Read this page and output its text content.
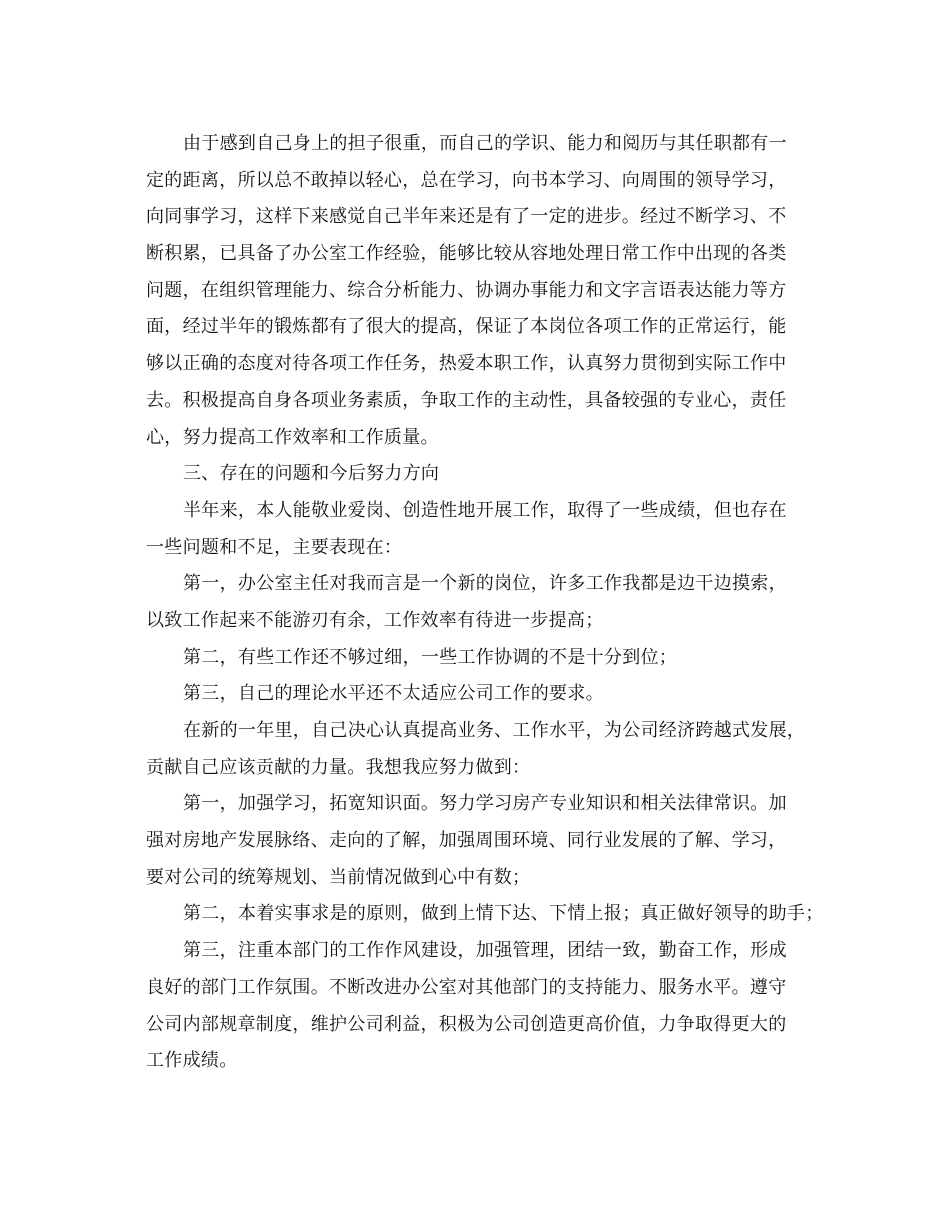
由于感到自己身上的担子很重，而自己的学识、能力和阅历与其任职都有一
定的距离，所以总不敢掉以轻心，总在学习，向书本学习、向周围的领导学习，
向同事学习，这样下来感觉自己半年来还是有了一定的进步。经过不断学习、不
断积累，已具备了办公室工作经验，能够比较从容地处理日常工作中出现的各类
问题，在组织管理能力、综合分析能力、协调办事能力和文字言语表达能力等方
面，经过半年的锻炼都有了很大的提高，保证了本岗位各项工作的正常运行，能
够以正确的态度对待各项工作任务，热爱本职工作，认真努力贯彻到实际工作中
去。积极提高自身各项业务素质，争取工作的主动性，具备较强的专业心，责任
心，努力提高工作效率和工作质量。
三、存在的问题和今后努力方向
半年来，本人能敬业爱岗、创造性地开展工作，取得了一些成绩，但也存在
一些问题和不足，主要表现在：
第一，办公室主任对我而言是一个新的岗位，许多工作我都是边干边摸索，
以致工作起来不能游刃有余，工作效率有待进一步提高；
第二，有些工作还不够过细，一些工作协调的不是十分到位；
第三，自己的理论水平还不太适应公司工作的要求。
在新的一年里，自己决心认真提高业务、工作水平，为公司经济跨越式发展，
贡献自己应该贡献的力量。我想我应努力做到：
第一，加强学习，拓宽知识面。努力学习房产专业知识和相关法律常识。加
强对房地产发展脉络、走向的了解，加强周围环境、同行业发展的了解、学习，
要对公司的统筹规划、当前情况做到心中有数；
第二，本着实事求是的原则，做到上情下达、下情上报；真正做好领导的助手；
第三，注重本部门的工作作风建设，加强管理，团结一致，勤奋工作，形成
良好的部门工作氛围。不断改进办公室对其他部门的支持能力、服务水平。遵守
公司内部规章制度，维护公司利益，积极为公司创造更高价值，力争取得更大的
工作成绩。
